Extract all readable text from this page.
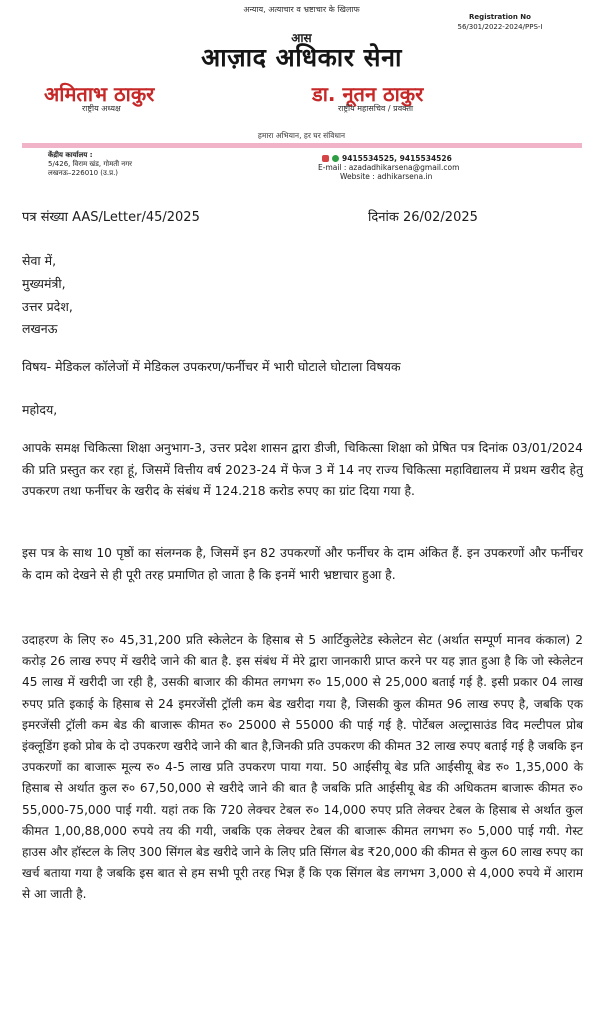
अन्याय, अत्याचार व भ्रष्टाचार के खिलाफ
Registration No
56/301/2022-2024/PPS-I
आस
आज़ाद अधिकार सेना
अमिताभ ठाकुर
राष्ट्रीय अध्यक्ष
डा. नूतन ठाकुर
राष्ट्रीय महासचिव / प्रवक्ता
हमारा अभियान, हर घर संविधान
केंद्रीय कार्यालय :
5/426, विराम खंड, गोमती नगर
लखनऊ–226010 (उ.प्र.)
9415534525, 9415534526
E-mail : azadadhikarsena@gmail.com
Website : adhikarsena.in
पत्र संख्या AAS/Letter/45/2025	दिनांक 26/02/2025
सेवा में,
मुख्यमंत्री,
उत्तर प्रदेश,
लखनऊ
विषय- मेडिकल कॉलेजों में मेडिकल उपकरण/फर्नीचर में भारी घोटाले घोटाला विषयक
महोदय,

आपके समक्ष चिकित्सा शिक्षा अनुभाग-3, उत्तर प्रदेश शासन द्वारा डीजी, चिकित्सा शिक्षा को प्रेषित पत्र दिनांक 03/01/2024 की प्रति प्रस्तुत कर रहा हूं, जिसमें वित्तीय वर्ष 2023-24 में फेज 3 में 14 नए राज्य चिकित्सा महाविद्यालय में प्रथम खरीद हेतु उपकरण तथा फर्नीचर के खरीद के संबंध में 124.218 करोड रुपए का ग्रांट दिया गया है.

इस पत्र के साथ 10 पृष्ठों का संलग्नक है, जिसमें इन 82 उपकरणों और फर्नीचर के दाम अंकित हैं. इन उपकरणों और फर्नीचर के दाम को देखने से ही पूरी तरह प्रमाणित हो जाता है कि इनमें भारी भ्रष्टाचार हुआ है.

उदाहरण के लिए रु० 45,31,200 प्रति स्केलेटन के हिसाब से 5 आर्टिकुलेटेड स्केलेटन सेट (अर्थात सम्पूर्ण मानव कंकाल) 2 करोड़ 26 लाख रुपए में खरीदे जाने की बात है. इस संबंध में मेरे द्वारा जानकारी प्राप्त करने पर यह ज्ञात हुआ है कि जो स्केलेटन 45 लाख में खरीदी जा रही है, उसकी बाजार की कीमत लगभग रु० 15,000 से 25,000 बताई गई है. इसी प्रकार 04 लाख रुपए प्रति इकाई के हिसाब से 24 इमरजेंसी ट्रॉली कम बेड खरीदा गया है, जिसकी कुल कीमत 96 लाख रुपए है, जबकि एक इमरजेंसी ट्रॉली कम बेड की बाजारू कीमत रु० 25000 से 55000 की पाई गई है. पोर्टेबल अल्ट्रासाउंड विद मल्टीपल प्रोब इंक्लूडिंग इको प्रोब के दो उपकरण खरीदे जाने की बात है,जिनकी प्रति उपकरण की कीमत 32 लाख रुपए बताई गई है जबकि इन उपकरणों का बाजारू मूल्य रु० 4-5 लाख प्रति उपकरण पाया गया. 50 आईसीयू बेड प्रति आईसीयू बेड रु० 1,35,000 के हिसाब से अर्थात कुल रु० 67,50,000 से खरीदे जाने की बात है जबकि प्रति आईसीयू बेड की अधिकतम बाजारू कीमत रु० 55,000-75,000 पाई गयी. यहां तक कि 720 लेक्चर टेबल रु० 14,000 रुपए प्रति लेक्चर टेबल के हिसाब से अर्थात कुल कीमत 1,00,88,000 रुपये तय की गयी, जबकि एक लेक्चर टेबल की बाजारू कीमत लगभग रु० 5,000 पाई गयी. गेस्ट हाउस और हॉस्टल के लिए 300 सिंगल बेड खरीदे जाने के लिए प्रति सिंगल बेड ₹20,000 की कीमत से कुल 60 लाख रुपए का खर्च बताया गया है जबकि इस बात से हम सभी पूरी तरह भिज्ञ हैं कि एक सिंगल बेड लगभग 3,000 से 4,000 रुपये में आराम से आ जाती है.
